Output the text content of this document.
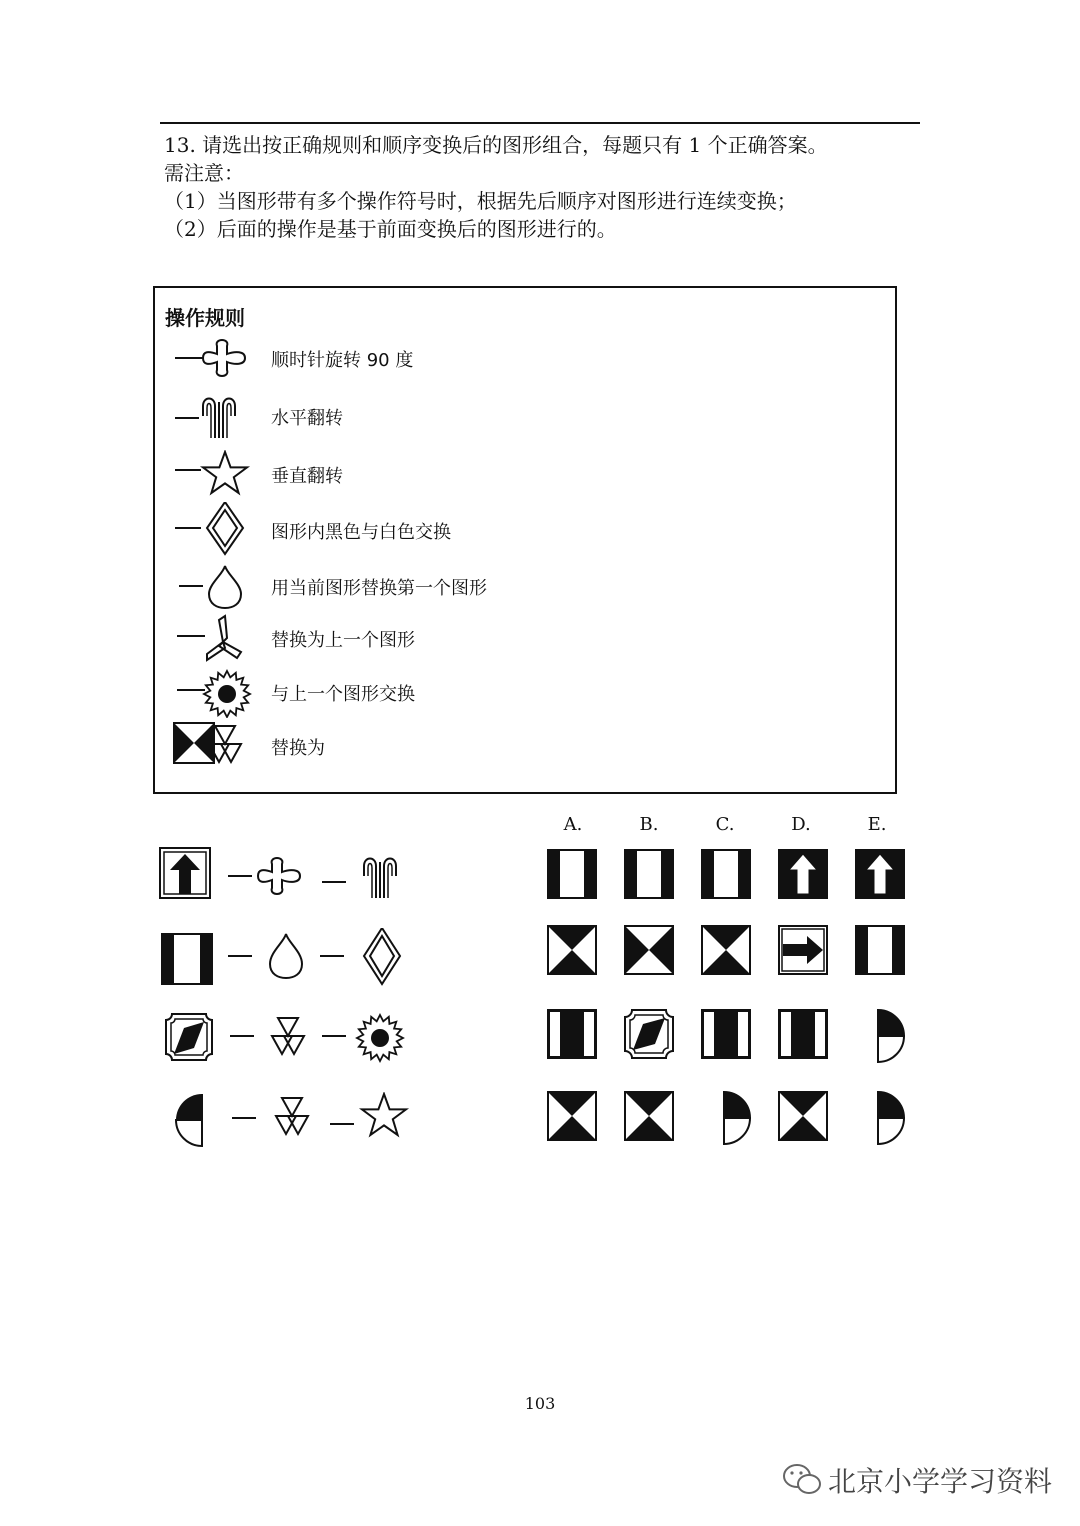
13. 请选出按正确规则和顺序变换后的图形组合，每题只有 1 个正确答案。
需注意：
（1）当图形带有多个操作符号时，根据先后顺序对图形进行连续变换；
（2）后面的操作是基于前面变换后的图形进行的。
操作规则
顺时针旋转 90 度
水平翻转
垂直翻转
图形内黑色与白色交换
用当前图形替换第一个图形
替换为上一个图形
与上一个图形交换
替换为
A.	B.	C.	D.	E.
103
北京小学学习资料
